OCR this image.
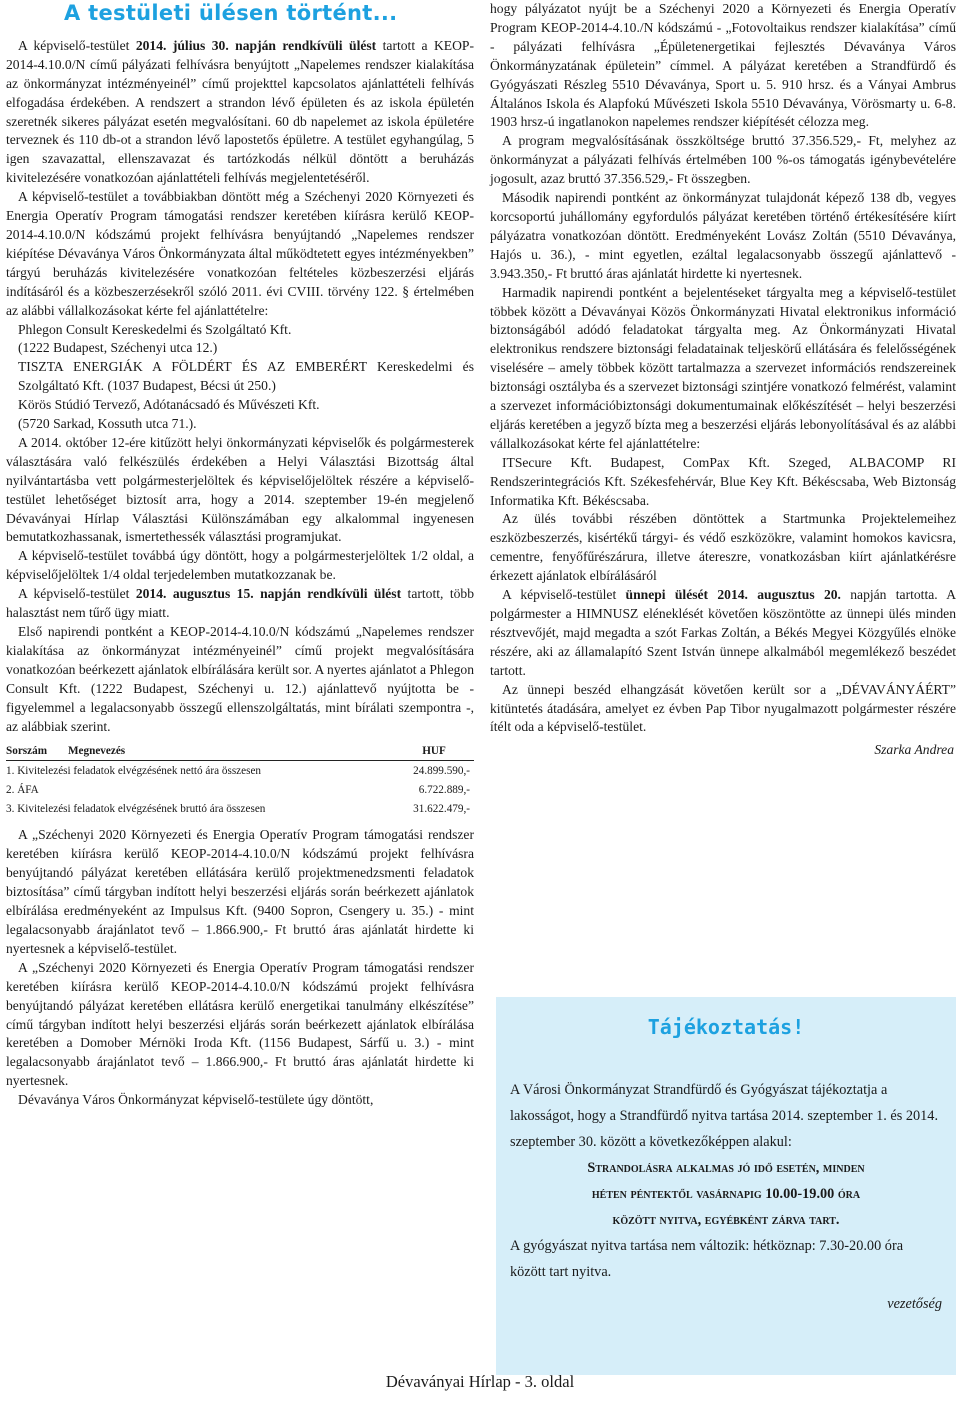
A testületi ülésen történt...

A képviselő-testület 2014. július 30. napján rendkívüli ülést tartott a KEOP-2014-4.10.0/N című pályázati felhívásra benyújtott „Napelemes rendszer kialakítása az önkormányzat intézményeinél” című projekttel kapcsolatos ajánlattételi felhívás elfogadása érdekében. A rendszert a strandon lévő épületen és az iskola épületén szeretnék sikeres pályázat esetén megvalósítani. 60 db napelemet az iskola épületére terveznek és 110 db-ot a strandon lévő lapostetős épületre. A testület egyhangúlag, 5 igen szavazattal, ellenszavazat és tartózkodás nélkül döntött a beruházás kivitelezésére vonatkozóan ajánlattételi felhívás megjelentetéséről.

A képviselő-testület a továbbiakban döntött még a Széchenyi 2020 Környezeti és Energia Operatív Program támogatási rendszer keretében kiírásra kerülő KEOP-2014-4.10.0/N kódszámú projekt felhívásra benyújtandó „Napelemes rendszer kiépítése Dévaványa Város Önkormányzata által működtetett egyes intézményekben” tárgyú beruházás kivitelezésére vonatkozóan feltételes közbeszerzési eljárás indításáról és a közbeszerzésekről szóló 2011. évi CVIII. törvény 122. § értelmében az alábbi vállalkozásokat kérte fel ajánlattételre:

Phlegon Consult Kereskedelmi és Szolgáltató Kft.

(1222 Budapest, Széchenyi utca 12.)

TISZTA ENERGIÁK A FÖLDÉRT ÉS AZ EMBERÉRT Kereskedelmi és Szolgáltató Kft. (1037 Budapest, Bécsi út 250.)

Körös Stúdió Tervező, Adótanácsadó és Művészeti Kft.

(5720 Sarkad, Kossuth utca 71.).

A 2014. október 12-ére kitűzött helyi önkormányzati képviselők és polgármesterek választására való felkészülés érdekében a Helyi Választási Bizottság által nyilvántartásba vett polgármesterjelöltek és képviselőjelöltek részére a képviselő-testület lehetőséget biztosít arra, hogy a 2014. szeptember 19-én megjelenő Dévaványai Hírlap Választási Különszámában egy alkalommal ingyenesen bemutatkozhassanak, ismertethessék választási programjukat.

A képviselő-testület továbbá úgy döntött, hogy a polgármesterjelöltek 1/2 oldal, a képviselőjelöltek 1/4 oldal terjedelemben mutatkozzanak be.

A képviselő-testület 2014. augusztus 15. napján rendkívüli ülést tartott, több halasztást nem tűrő ügy miatt.

Első napirendi pontként a KEOP-2014-4.10.0/N kódszámú „Napelemes rendszer kialakítása az önkormányzat intézményeinél” című projekt megvalósítására vonatkozóan beérkezett ajánlatok elbírálására került sor. A nyertes ajánlatot a Phlegon Consult Kft. (1222 Budapest, Széchenyi u. 12.) ajánlattevő nyújtotta be - figyelemmel a legalacsonyabb összegű ellenszolgáltatás, mint bírálati szempontra -, az alábbiak szerint.

Sorszám	Megnevezés	HUF
1. Kivitelezési feladatok elvégzésének nettó ára összesen		24.899.590,-
2. ÁFA		6.722.889,-
3. Kivitelezési feladatok elvégzésének bruttó ára összesen		31.622.479,-

A „Széchenyi 2020 Környezeti és Energia Operatív Program támogatási rendszer keretében kiírásra kerülő KEOP-2014-4.10.0/N kódszámú projekt felhívásra benyújtandó pályázat keretében ellátására kerülő projektmenedzsmenti feladatok biztosítása” című tárgyban indított helyi beszerzési eljárás során beérkezett ajánlatok elbírálása eredményeként az Impulsus Kft. (9400 Sopron, Csengery u. 35.) - mint legalacsonyabb árajánlatot tevő – 1.866.900,- Ft bruttó áras ajánlatát hirdette ki nyertesnek a képviselő-testület.

A „Széchenyi 2020 Környezeti és Energia Operatív Program támogatási rendszer keretében kiírásra kerülő KEOP-2014-4.10.0/N kódszámú projekt felhívásra benyújtandó pályázat keretében ellátásra kerülő energetikai tanulmány elkészítése” című tárgyban indított helyi beszerzési eljárás során beérkezett ajánlatok elbírálása keretében a Domober Mérnöki Iroda Kft. (1156 Budapest, Sárfű u. 3.) - mint legalacsonyabb árajánlatot tevő – 1.866.900,- Ft bruttó áras ajánlatát hirdette ki nyertesnek.

Dévaványa Város Önkormányzat képviselő-testülete úgy döntött,

hogy pályázatot nyújt be a Széchenyi 2020 a Környezeti és Energia Operatív Program KEOP-2014-4.10./N kódszámú - „Fotovoltaikus rendszer kialakítása” című - pályázati felhívásra „Épületenergetikai fejlesztés Dévaványa Város Önkormányzatának épületein” címmel. A pályázat keretében a Strandfürdő és Gyógyászati Részleg 5510 Dévaványa, Sport u. 5. 910 hrsz. és a Ványai Ambrus Általános Iskola és Alapfokú Művészeti Iskola 5510 Dévaványa, Vörösmarty u. 6-8. 1903 hrsz-ú ingatlanokon napelemes rendszer kiépítését célozza meg.

A program megvalósításának összköltsége bruttó 37.356.529,- Ft, melyhez az önkormányzat a pályázati felhívás értelmében 100 %-os támogatás igénybevételére jogosult, azaz bruttó 37.356.529,- Ft összegben.

Második napirendi pontként az önkormányzat tulajdonát képező 138 db, vegyes korcsoportú juhállomány egyfordulós pályázat keretében történő értékesítésére kiírt pályázatra vonatkozóan döntött. Eredményeként Lovász Zoltán (5510 Dévaványa, Hajós u. 36.), - mint egyetlen, ezáltal legalacsonyabb összegű ajánlattevő - 3.943.350,- Ft bruttó áras ajánlatát hirdette ki nyertesnek.

Harmadik napirendi pontként a bejelentéseket tárgyalta meg a képviselő-testület többek között a Dévaványai Közös Önkormányzati Hivatal elektronikus információ biztonságából adódó feladatokat tárgyalta meg. Az Önkormányzati Hivatal elektronikus rendszere biztonsági feladatainak teljeskörű ellátására és felelősségének viselésére – amely többek között tartalmazza a szervezet információs rendszereinek biztonsági osztályba és a szervezet biztonsági szintjére vonatkozó felmérést, valamint a szervezet információbiztonsági dokumentumainak előkészítését – helyi beszerzési eljárás keretében a jegyző bízta meg a beszerzési eljárás lebonyolításával és az alábbi vállalkozásokat kérte fel ajánlattételre:

ITSecure Kft. Budapest, ComPax Kft. Szeged, ALBACOMP RI Rendszerintegrációs Kft. Székesfehérvár, Blue Key Kft. Békéscsaba, Web Biztonság Informatika Kft. Békéscsaba.

Az ülés további részében döntöttek a Startmunka Projektelemeihez eszközbeszerzés, kisértékű tárgyi- és védő eszközökre, valamint homokos kavicsra, cementre, fenyőfűrészárura, illetve átereszre, vonatkozásban kiírt ajánlatkérésre érkezett ajánlatok elbírálásáról

A képviselő-testület ünnepi ülését 2014. augusztus 20. napján tartotta. A polgármester a HIMNUSZ eléneklését követően köszöntötte az ünnepi ülés minden résztvevőjét, majd megadta a szót Farkas Zoltán, a Békés Megyei Közgyűlés elnöke részére, aki az államalapító Szent István ünnepe alkalmából megemlékező beszédet tartott.

Az ünnepi beszéd elhangzását követően került sor a „DÉVAVÁNYÁÉRT” kitüntetés átadására, amelyet ez évben Pap Tibor nyugalmazott polgármester részére ítélt oda a képviselő-testület.

Szarka Andrea
Tájékoztatás!

A Városi Önkormányzat Strandfürdő és Gyógyászat tájékoztatja a lakosságot, hogy a Strandfürdő nyitva tartása 2014. szeptember 1. és 2014. szeptember 30. között a következőképpen alakul:

Strandolásra alkalmas jó idő esetén, minden

héten péntektől vasárnapig 10.00-19.00 óra

között nyitva, egyébként zárva tart.

A gyógyászat nyitva tartása nem változik: hétköznap: 7.30-20.00 óra között tart nyitva.

vezetőség

Dévaványai Hírlap - 3. oldal
